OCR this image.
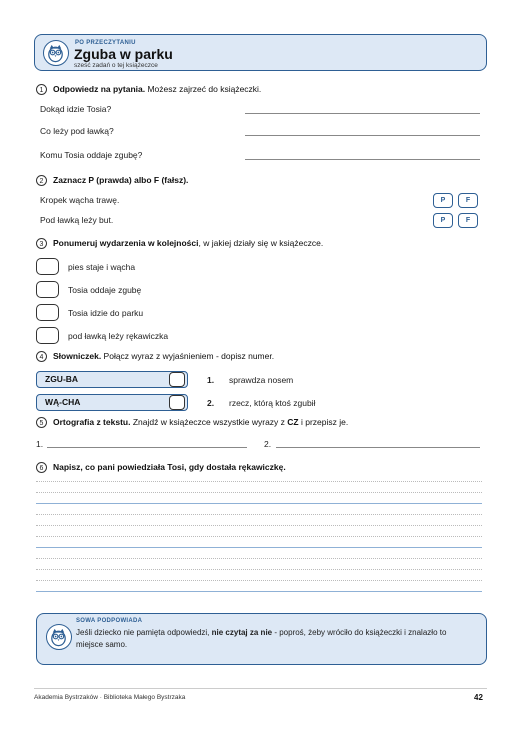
PO PRZECZYTANIU
Zguba w parku
sześć zadań o tej książeczce
1	Odpowiedz na pytania. Możesz zajrzeć do książeczki.
Dokąd idzie Tosia?
Co leży pod ławką?
Komu Tosia oddaje zgubę?
2	Zaznacz P (prawda) albo F (fałsz).
Kropek wącha trawę.	P	F
Pod ławką leży but.	P	F
3	Ponumeruj wydarzenia w kolejności, w jakiej działy się w książeczce.
pies staje i wącha
Tosia oddaje zgubę
Tosia idzie do parku
pod ławką leży rękawiczka
4	Słowniczek. Połącz wyraz z wyjaśnieniem - dopisz numer.
ZGU-BA	1. sprawdza nosem
WĄ-CHA	2. rzecz, którą ktoś zgubił
5	Ortografia z tekstu. Znajdź w książeczce wszystkie wyrazy z CZ i przepisz je.
1.	2.
6	Napisz, co pani powiedziała Tosi, gdy dostała rękawiczkę.
SOWA PODPOWIADA
Jeśli dziecko nie pamięta odpowiedzi, nie czytaj za nie - poproś, żeby wróciło do książeczki i znalazło to
miejsce samo.
Akademia Bystrzaków · Biblioteka Małego Bystrzaka	42
